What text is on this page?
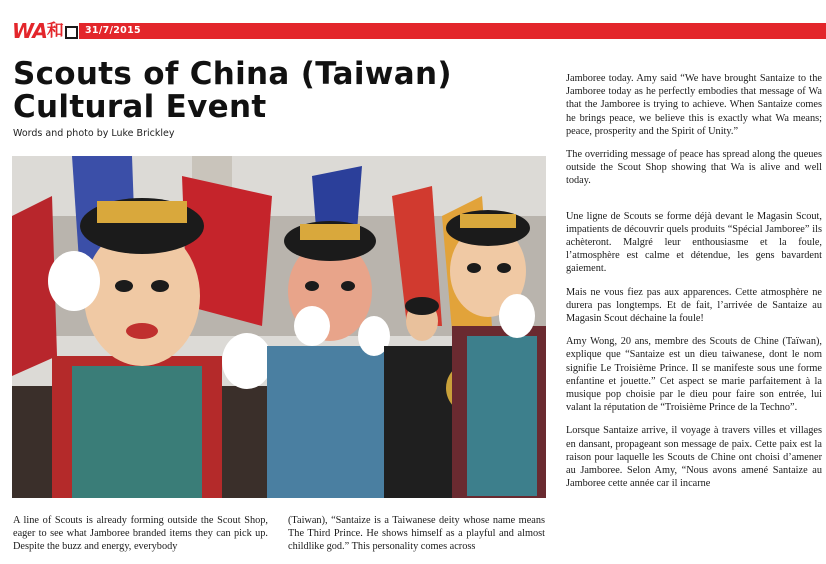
WA 和 31/7/2015
Scouts of China (Taiwan)
Cultural Event
Words and photo by Luke Brickley

A line of Scouts is already forming outside the Scout Shop, eager to see what Jamboree branded items they can pick up. Despite the buzz and energy, everybody

(Taiwan), “Santaize is a Taiwanese deity whose name means The Third Prince. He shows himself as a playful and almost childlike god.” This personality comes across

Jamboree today. Amy said “We have brought Santaize to the Jamboree today as he perfectly embodies that message of Wa that the Jamboree is trying to achieve. When Santaize comes he brings peace, we believe this is exactly what Wa means; peace, prosperity and the Spirit of Unity.”

The overriding message of peace has spread along the queues outside the Scout Shop showing that Wa is alive and well today.

Une ligne de Scouts se forme déjà devant le Magasin Scout, impatients de découvrir quels produits “Spécial Jamboree” ils achèteront. Malgré leur enthousiasme et la foule, l’atmosphère est calme et détendue, les gens bavardent gaiement.

Mais ne vous fiez pas aux apparences. Cette atmosphère ne durera pas longtemps. Et de fait, l’arrivée de Santaize au Magasin Scout déchaine la foule!

Amy Wong, 20 ans, membre des Scouts de Chine (Taïwan), explique que “Santaize est un dieu taiwanese, dont le nom signifie Le Troisième Prince. Il se manifeste sous une forme enfantine et jouette.” Cet aspect se marie parfaitement à la musique pop choisie par le dieu pour faire son entrée, lui valant la réputation de “Troisième Prince de la Techno”.

Lorsque Santaize arrive, il voyage à travers villes et villages en dansant, propageant son message de paix. Cette paix est la raison pour laquelle les Scouts de Chine ont choisi d’amener au Jamboree. Selon Amy, “Nous avons amené Santaize au Jamboree cette année car il incarne
